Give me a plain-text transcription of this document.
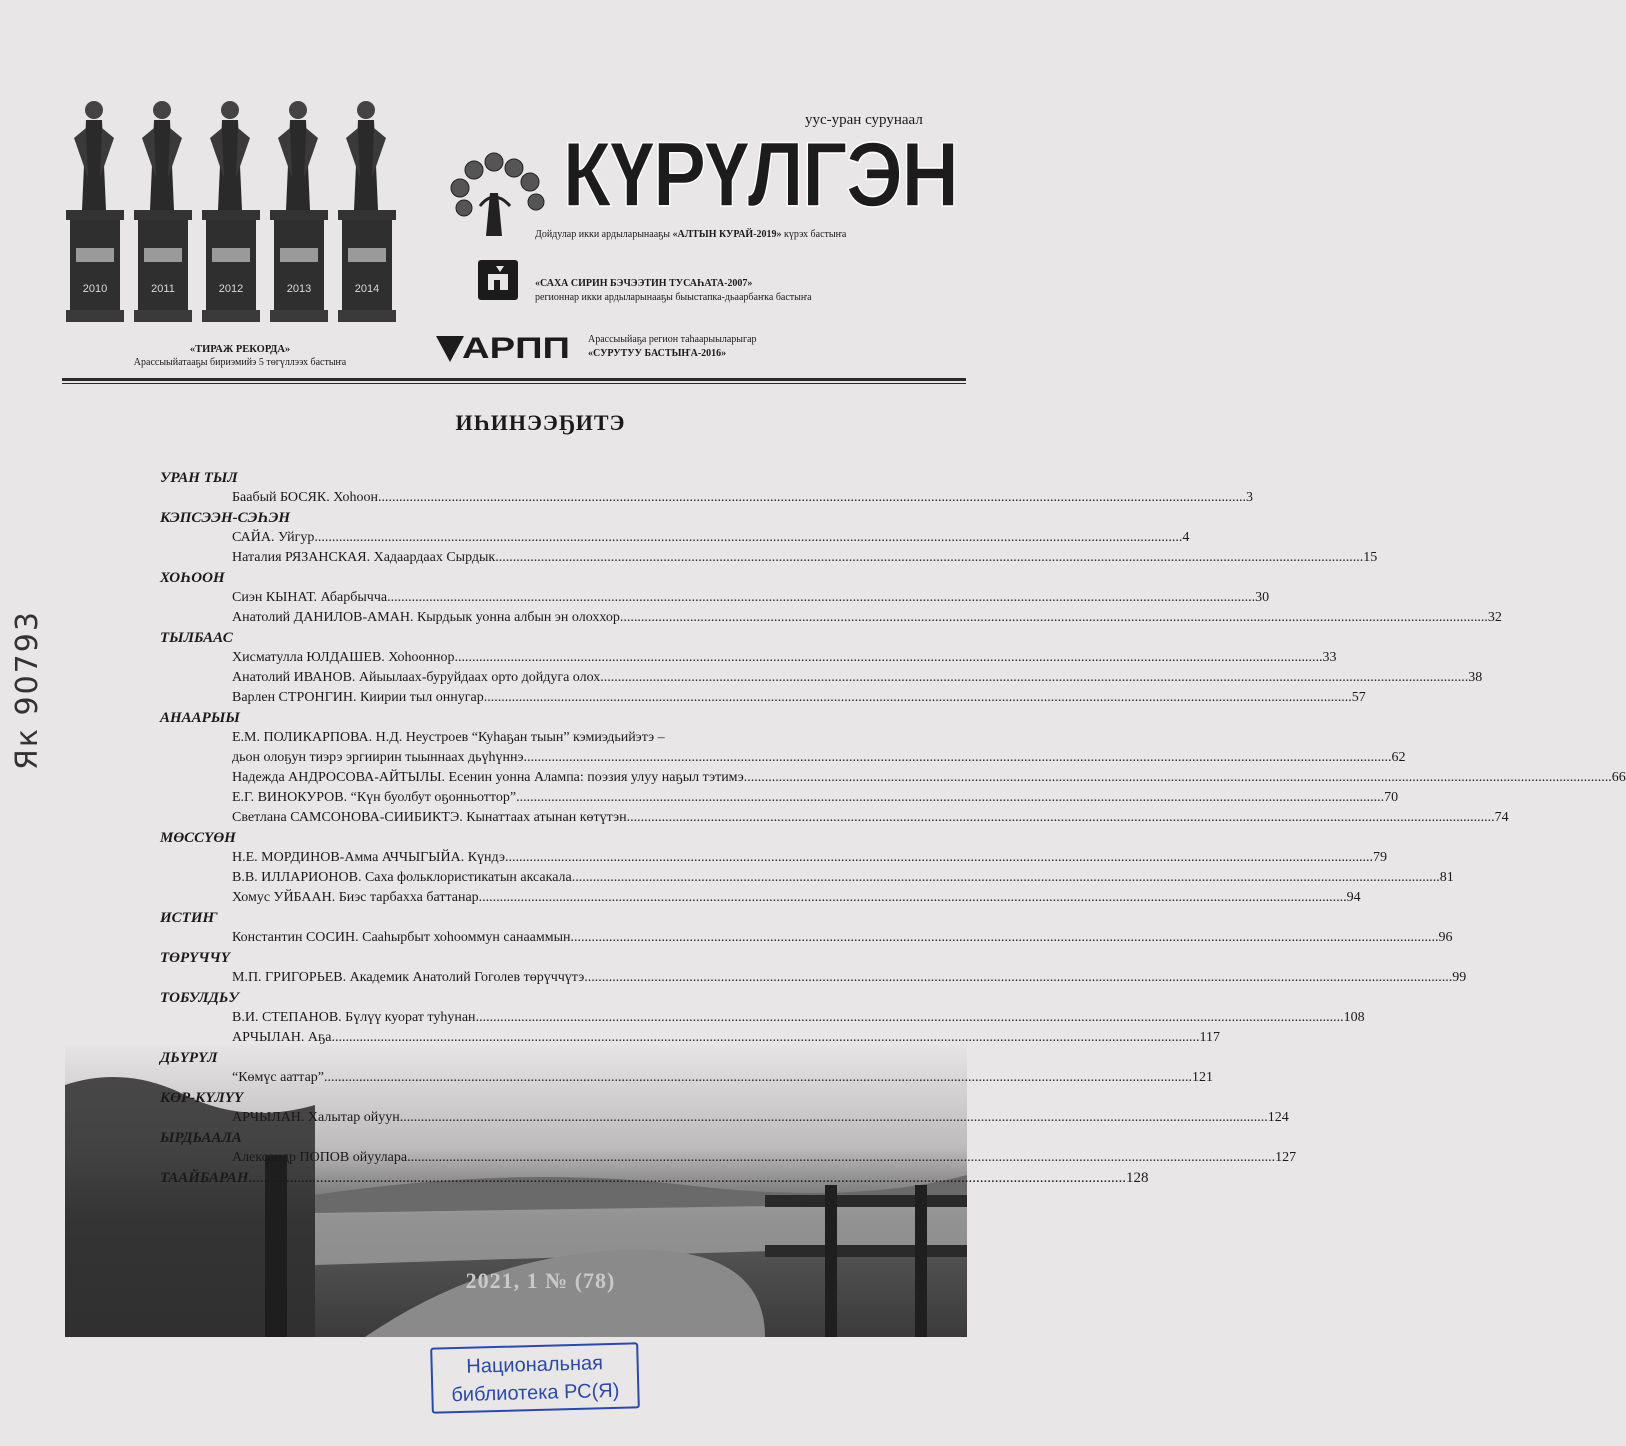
2010	2011	2012	2013	2014
«ТИРАЖ РЕКОРДА»
Арассыыйатааҕы бириэмийэ 5 төгүллээх бастыҥа
КҮРҮЛГЭН
уус-уран сурунаал
Дойдулар икки ардыларынааҕы «АЛТЫН КУРАЙ-2019» күрэх бастыҥа
«САХА СИРИН БЭЧЭЭТИН ТУСАҺАТА-2007»
регионнар икки ардыларынааҕы быыстапка-дьаарбаҥка бастыҥа
АРПП Арассыыйаҕа регион таһаарыыларыгар
«СУРУТУУ БАСТЫҤА-2016»
ИҺИНЭЭҔИТЭ
2021, 1 № (78)
УРАН ТЫЛ
Баабый БОСЯК. Хоһоон .....	3
КЭПСЭЭН-СЭҺЭН
САЙА. Уйгур .....	4
Наталия РЯЗАНСКАЯ. Хадаардаах Сырдык .....	15
ХОҺООН
Сиэн КЫНАТ. Абарбычча .....	30
Анатолий ДАНИЛОВ-АМАН. Кырдьык уонна албын эн олоххор .....	32
ТЫЛБААС
Хисматулла ЮЛДАШЕВ. Хоһооннор .....	33
Анатолий ИВАНОВ. Айыылаах-буруйдаах орто дойдуга олох .....	38
Варлен СТРОНГИН. Киирии тыл оннугар .....	57
АНААРЫЫ
Е.М. ПОЛИКАРПОВА. Н.Д. Неустроев “Куһаҕан тыын” кэмиэдьийэтэ –
дьон олоҕун тиэрэ эргиирин тыыннаах дьүһүннэ .....	62
Надежда АНДРОСОВА-АЙТЫЛЫ. Есенин уонна Алампа: поэзия улуу наҕыл тэтимэ .....	66
Е.Г. ВИНОКУРОВ. “Күн буолбут оҕонньоттор” .....	70
Светлана САМСОНОВА-СИИБИКТЭ. Кынаттаах атынан көтүтэн .....	74
МӨССҮӨН
Н.Е. МОРДИНОВ-Амма АЧЧЫГЫЙА. Күндэ .....	79
В.В. ИЛЛАРИОНОВ. Саха фольклористикатын аксакала .....	81
Хомус УЙБААН. Биэс тарбахха баттанар .....	94
ИСТИҤ
Константин СОСИН. Сааһырбыт хоһооммун санааммын .....	96
ТӨРҮЧЧҮ
М.П. ГРИГОРЬЕВ. Академик Анатолий Гоголев төрүччүтэ .....	99
ТОБУЛДЬУ
В.И. СТЕПАНОВ. Бүлүү куорат туһунан .....	108
АРЧЫЛАН. Аҕа .....	117
ДЬҮРҮЛ
“Көмүс ааттар” .....	121
КӨР-КҮЛҮҮ
АРЧЫЛАН. Халытар ойуун .....	124
ЫРДЬААЛА
Александр ПОПОВ ойуулара .....	127
ТААЙБАРАН .......................................................................................................................................................................................................................................... 128
Национальная
библиотека РС(Я)
Як 90793
